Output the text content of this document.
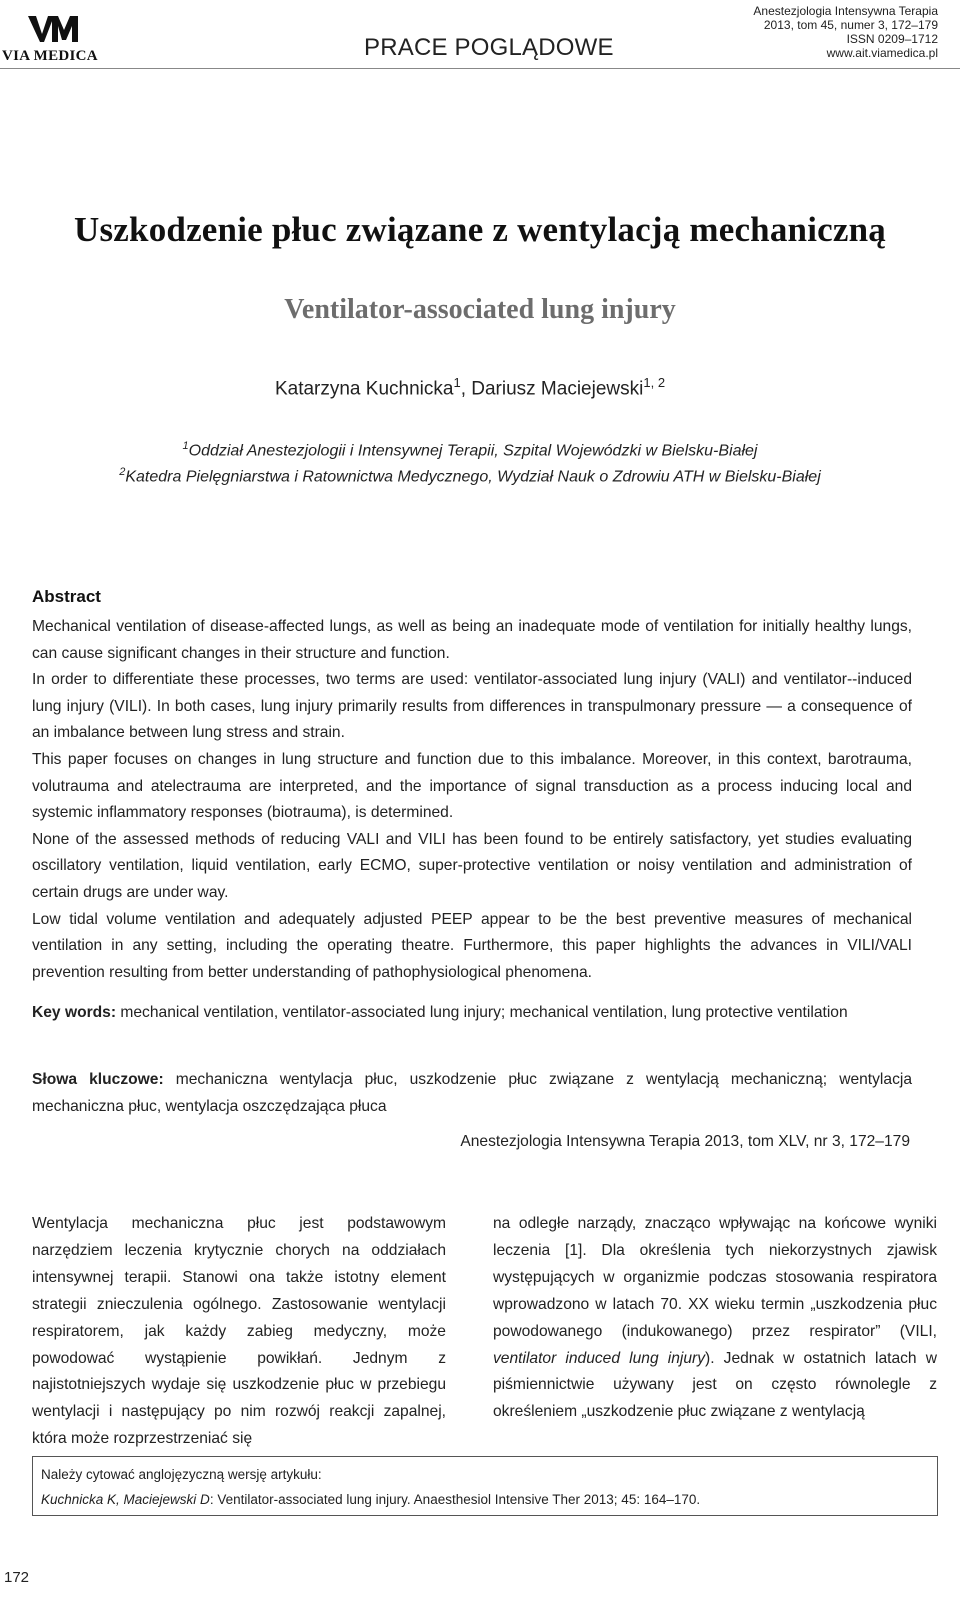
VIA MEDICA	PRACE POGLĄDOWE
Anestezjologia Intensywna Terapia
2013, tom 45, numer 3, 172–179
ISSN 0209–1712
www.ait.viamedica.pl
Uszkodzenie płuc związane z wentylacją mechaniczną
Ventilator-associated lung injury
Katarzyna Kuchnicka$^1$, Dariusz Maciejewski$^{1, 2}$
$^1$Oddział Anestezjologii i Intensywnej Terapii, Szpital Wojewódzki w Bielsku-Białej
$^2$Katedra Pielęgniarstwa i Ratownictwa Medycznego, Wydział Nauk o Zdrowiu ATH w Bielsku-Białej
Abstract

Mechanical ventilation of disease-affected lungs, as well as being an inadequate mode of ventilation for initially healthy lungs, can cause significant changes in their structure and function.

In order to differentiate these processes, two terms are used: ventilator-associated lung injury (VALI) and ventilator--induced lung injury (VILI). In both cases, lung injury primarily results from differences in transpulmonary pressure — a consequence of an imbalance between lung stress and strain.

This paper focuses on changes in lung structure and function due to this imbalance. Moreover, in this context, barotrauma, volutrauma and atelectrauma are interpreted, and the importance of signal transduction as a process inducing local and systemic inflammatory responses (biotrauma), is determined.

None of the assessed methods of reducing VALI and VILI has been found to be entirely satisfactory, yet studies evaluating oscillatory ventilation, liquid ventilation, early ECMO, super-protective ventilation or noisy ventilation and administration of certain drugs are under way.

Low tidal volume ventilation and adequately adjusted PEEP appear to be the best preventive measures of mechanical ventilation in any setting, including the operating theatre. Furthermore, this paper highlights the advances in VILI/VALI prevention resulting from better understanding of pathophysiological phenomena.

Key words: mechanical ventilation, ventilator-associated lung injury; mechanical ventilation, lung protective ventilation
Słowa kluczowe: mechaniczna wentylacja płuc, uszkodzenie płuc związane z wentylacją mechaniczną; wentylacja mechaniczna płuc, wentylacja oszczędzająca płuca
Anestezjologia Intensywna Terapia 2013, tom XLV, nr 3, 172–179
Wentylacja mechaniczna płuc jest podstawowym narzędziem leczenia krytycznie chorych na oddziałach intensywnej terapii. Stanowi ona także istotny element strategii znieczulenia ogólnego. Zastosowanie wentylacji respiratorem, jak każdy zabieg medyczny, może powodować wystąpienie powikłań. Jednym z najistotniejszych wydaje się uszkodzenie płuc w przebiegu wentylacji i następujący po nim rozwój reakcji zapalnej, która może rozprzestrzeniać się
na odległe narządy, znacząco wpływając na końcowe wyniki leczenia [1]. Dla określenia tych niekorzystnych zjawisk występujących w organizmie podczas stosowania respiratora wprowadzono w latach 70. XX wieku termin „uszkodzenia płuc powodowanego (indukowanego) przez respirator” (VILI, ventilator induced lung injury). Jednak w ostatnich latach w piśmiennictwie używany jest on często równolegle z określeniem „uszkodzenie płuc związane z wentylacją
Należy cytować anglojęzyczną wersję artykułu:
Kuchnicka K, Maciejewski D: Ventilator-associated lung injury. Anaesthesiol Intensive Ther 2013; 45: 164–170.
172
